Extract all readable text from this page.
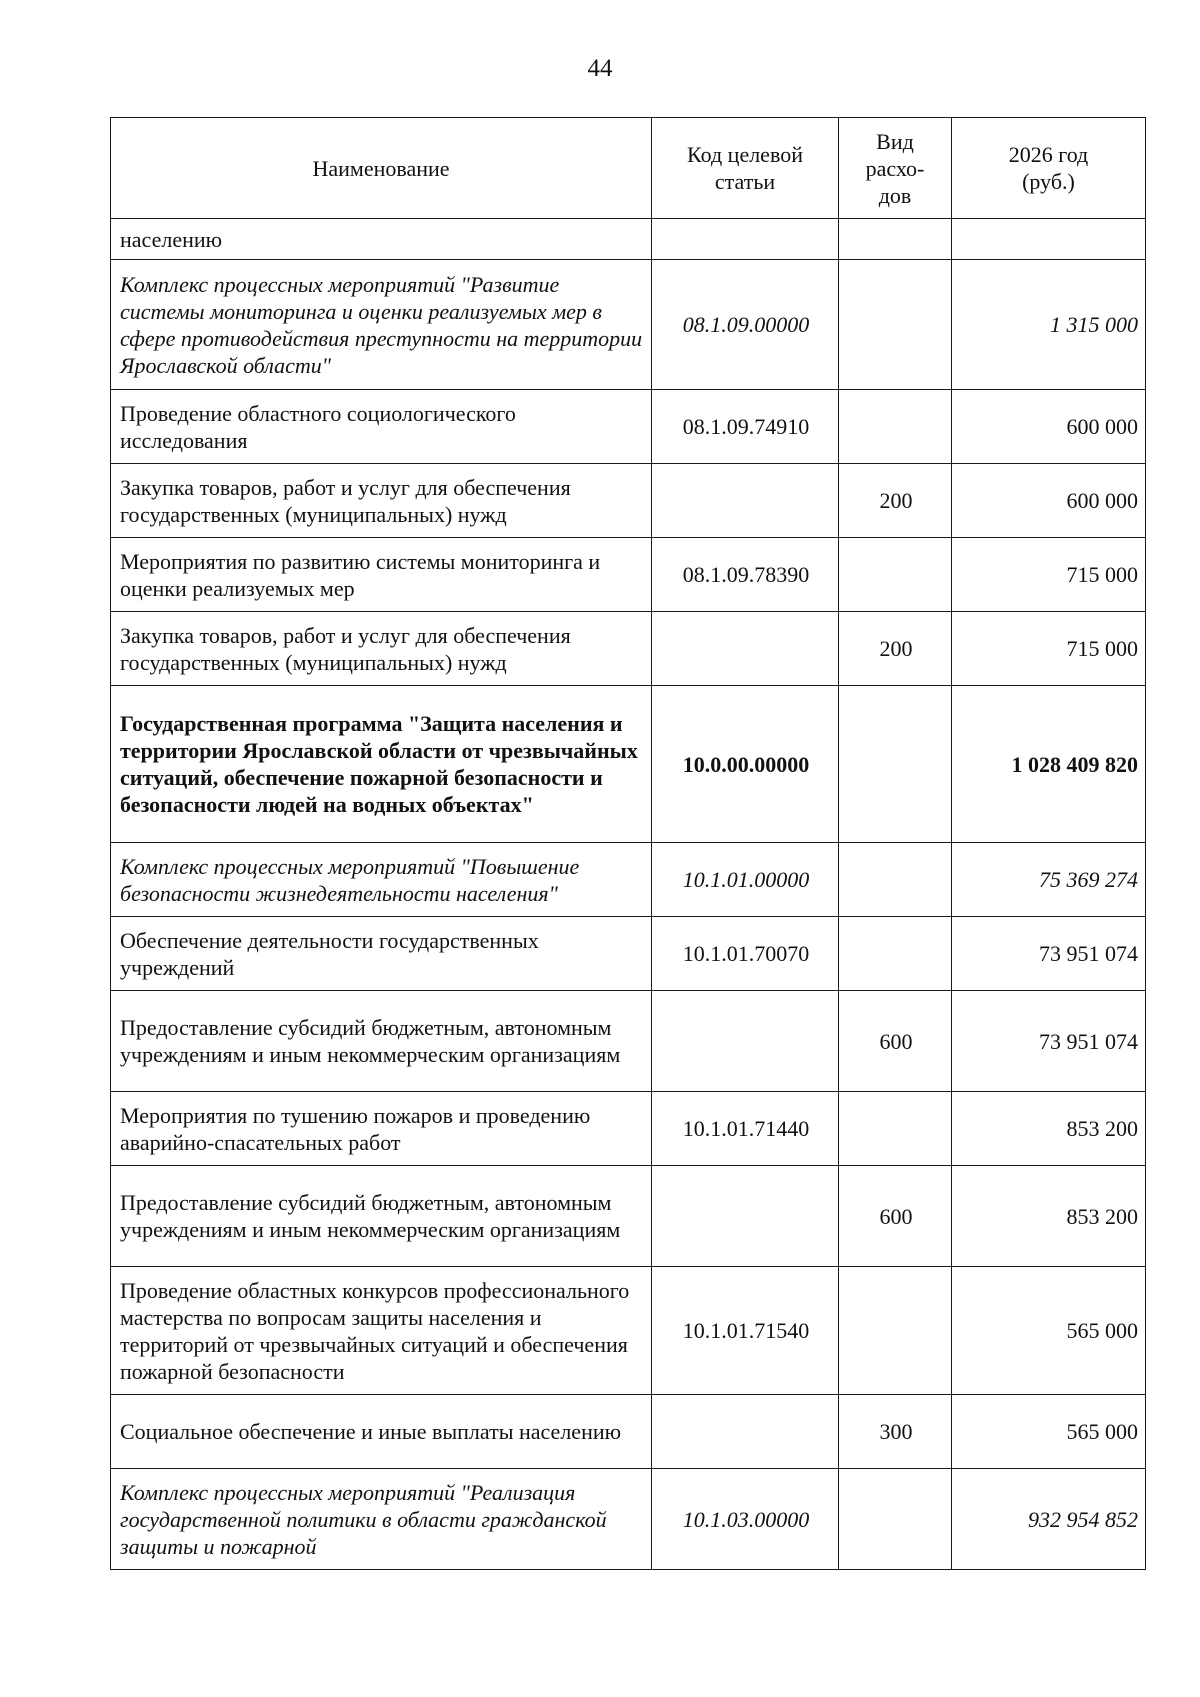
44
Наименование	Код целевой статьи	Вид расхо-дов	2026 год (руб.)
населению			
Комплекс процессных мероприятий "Развитие системы мониторинга и оценки реализуемых мер в сфере противодействия преступности на территории Ярославской области"	08.1.09.00000		1 315 000
Проведение областного социологического исследования	08.1.09.74910		600 000
Закупка товаров, работ и услуг для обеспечения государственных (муниципальных) нужд		200	600 000
Мероприятия по развитию системы мониторинга и оценки реализуемых мер	08.1.09.78390		715 000
Закупка товаров, работ и услуг для обеспечения государственных (муниципальных) нужд		200	715 000
Государственная программа "Защита населения и территории Ярославской области от чрезвычайных ситуаций, обеспечение пожарной безопасности и безопасности людей на водных объектах"	10.0.00.00000		1 028 409 820
Комплекс процессных мероприятий "Повышение безопасности жизнедеятельности населения"	10.1.01.00000		75 369 274
Обеспечение деятельности государственных учреждений	10.1.01.70070		73 951 074
Предоставление субсидий бюджетным, автономным учреждениям и иным некоммерческим организациям		600	73 951 074
Мероприятия по тушению пожаров и проведению аварийно-спасательных работ	10.1.01.71440		853 200
Предоставление субсидий бюджетным, автономным учреждениям и иным некоммерческим организациям		600	853 200
Проведение областных конкурсов профессионального мастерства по вопросам защиты населения и территорий от чрезвычайных ситуаций и обеспечения пожарной безопасности	10.1.01.71540		565 000
Социальное обеспечение и иные выплаты населению		300	565 000
Комплекс процессных мероприятий "Реализация государственной политики в области гражданской защиты и пожарной	10.1.03.00000		932 954 852
